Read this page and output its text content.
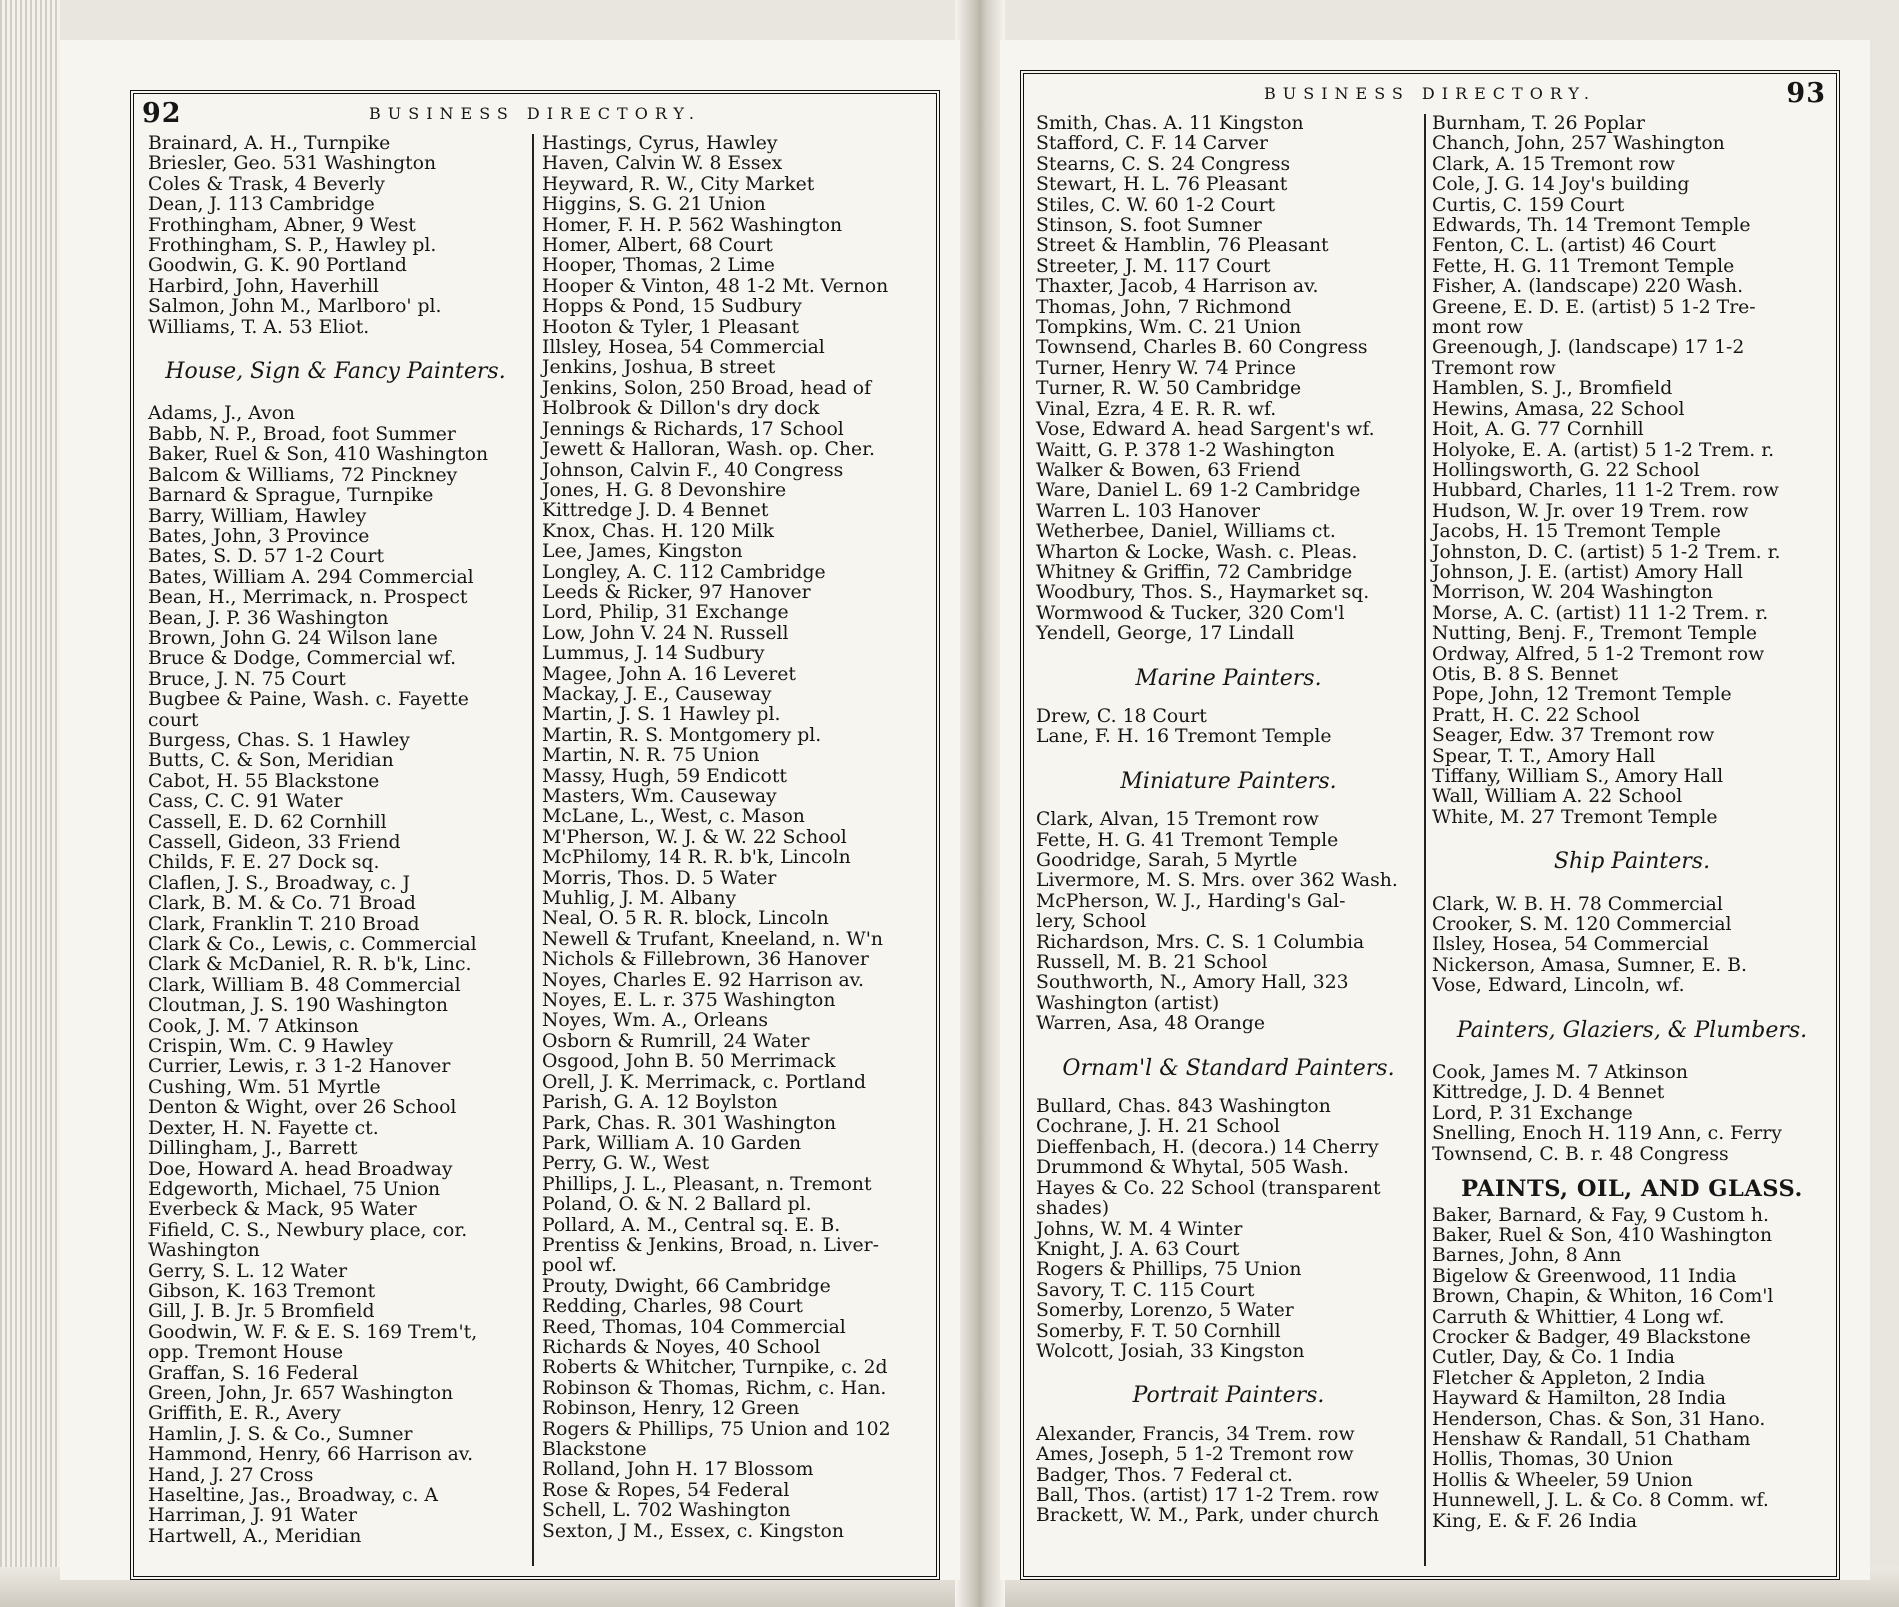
92	BUSINESS DIRECTORY.
Brainard, A. H., Turnpike
Briesler, Geo. 531 Washington
Coles & Trask, 4 Beverly
Dean, J. 113 Cambridge
Frothingham, Abner, 9 West
Frothingham, S. P., Hawley pl.
Goodwin, G. K. 90 Portland
Harbird, John, Haverhill
Salmon, John M., Marlboro' pl.
Williams, T. A. 53 Eliot.
House, Sign & Fancy Painters.
Adams, J., Avon
Babb, N. P., Broad, foot Summer
Baker, Ruel & Son, 410 Washington
Balcom & Williams, 72 Pinckney
Barnard & Sprague, Turnpike
Barry, William, Hawley
Bates, John, 3 Province
Bates, S. D. 57 1-2 Court
Bates, William A. 294 Commercial
Bean, H., Merrimack, n. Prospect
Bean, J. P. 36 Washington
Brown, John G. 24 Wilson lane
Bruce & Dodge, Commercial wf.
Bruce, J. N. 75 Court
Bugbee & Paine, Wash. c. Fayette
court
Burgess, Chas. S. 1 Hawley
Butts, C. & Son, Meridian
Cabot, H. 55 Blackstone
Cass, C. C. 91 Water
Cassell, E. D. 62 Cornhill
Cassell, Gideon, 33 Friend
Childs, F. E. 27 Dock sq.
Claflen, J. S., Broadway, c. J
Clark, B. M. & Co. 71 Broad
Clark, Franklin T. 210 Broad
Clark & Co., Lewis, c. Commercial
Clark & McDaniel, R. R. b'k, Linc.
Clark, William B. 48 Commercial
Cloutman, J. S. 190 Washington
Cook, J. M. 7 Atkinson
Crispin, Wm. C. 9 Hawley
Currier, Lewis, r. 3 1-2 Hanover
Cushing, Wm. 51 Myrtle
Denton & Wight, over 26 School
Dexter, H. N. Fayette ct.
Dillingham, J., Barrett
Doe, Howard A. head Broadway
Edgeworth, Michael, 75 Union
Everbeck & Mack, 95 Water
Fifield, C. S., Newbury place, cor.
Washington
Gerry, S. L. 12 Water
Gibson, K. 163 Tremont
Gill, J. B. Jr. 5 Bromfield
Goodwin, W. F. & E. S. 169 Trem't,
opp. Tremont House
Graffan, S. 16 Federal
Green, John, Jr. 657 Washington
Griffith, E. R., Avery
Hamlin, J. S. & Co., Sumner
Hammond, Henry, 66 Harrison av.
Hand, J. 27 Cross
Haseltine, Jas., Broadway, c. A
Harriman, J. 91 Water
Hartwell, A., Meridian
Hastings, Cyrus, Hawley
Haven, Calvin W. 8 Essex
Heyward, R. W., City Market
Higgins, S. G. 21 Union
Homer, F. H. P. 562 Washington
Homer, Albert, 68 Court
Hooper, Thomas, 2 Lime
Hooper & Vinton, 48 1-2 Mt. Vernon
Hopps & Pond, 15 Sudbury
Hooton & Tyler, 1 Pleasant
Illsley, Hosea, 54 Commercial
Jenkins, Joshua, B street
Jenkins, Solon, 250 Broad, head of
Holbrook & Dillon's dry dock
Jennings & Richards, 17 School
Jewett & Halloran, Wash. op. Cher.
Johnson, Calvin F., 40 Congress
Jones, H. G. 8 Devonshire
Kittredge J. D. 4 Bennet
Knox, Chas. H. 120 Milk
Lee, James, Kingston
Longley, A. C. 112 Cambridge
Leeds & Ricker, 97 Hanover
Lord, Philip, 31 Exchange
Low, John V. 24 N. Russell
Lummus, J. 14 Sudbury
Magee, John A. 16 Leveret
Mackay, J. E., Causeway
Martin, J. S. 1 Hawley pl.
Martin, R. S. Montgomery pl.
Martin, N. R. 75 Union
Massy, Hugh, 59 Endicott
Masters, Wm. Causeway
McLane, L., West, c. Mason
M'Pherson, W. J. & W. 22 School
McPhilomy, 14 R. R. b'k, Lincoln
Morris, Thos. D. 5 Water
Muhlig, J. M. Albany
Neal, O. 5 R. R. block, Lincoln
Newell & Trufant, Kneeland, n. W'n
Nichols & Fillebrown, 36 Hanover
Noyes, Charles E. 92 Harrison av.
Noyes, E. L. r. 375 Washington
Noyes, Wm. A., Orleans
Osborn & Rumrill, 24 Water
Osgood, John B. 50 Merrimack
Orell, J. K. Merrimack, c. Portland
Parish, G. A. 12 Boylston
Park, Chas. R. 301 Washington
Park, William A. 10 Garden
Perry, G. W., West
Phillips, J. L., Pleasant, n. Tremont
Poland, O. & N. 2 Ballard pl.
Pollard, A. M., Central sq. E. B.
Prentiss & Jenkins, Broad, n. Liver-
pool wf.
Prouty, Dwight, 66 Cambridge
Redding, Charles, 98 Court
Reed, Thomas, 104 Commercial
Richards & Noyes, 40 School
Roberts & Whitcher, Turnpike, c. 2d
Robinson & Thomas, Richm, c. Han.
Robinson, Henry, 12 Green
Rogers & Phillips, 75 Union and 102
Blackstone
Rolland, John H. 17 Blossom
Rose & Ropes, 54 Federal
Schell, L. 702 Washington
Sexton, J M., Essex, c. Kingston
BUSINESS DIRECTORY.	93
Smith, Chas. A. 11 Kingston
Stafford, C. F. 14 Carver
Stearns, C. S. 24 Congress
Stewart, H. L. 76 Pleasant
Stiles, C. W. 60 1-2 Court
Stinson, S. foot Sumner
Street & Hamblin, 76 Pleasant
Streeter, J. M. 117 Court
Thaxter, Jacob, 4 Harrison av.
Thomas, John, 7 Richmond
Tompkins, Wm. C. 21 Union
Townsend, Charles B. 60 Congress
Turner, Henry W. 74 Prince
Turner, R. W. 50 Cambridge
Vinal, Ezra, 4 E. R. R. wf.
Vose, Edward A. head Sargent's wf.
Waitt, G. P. 378 1-2 Washington
Walker & Bowen, 63 Friend
Ware, Daniel L. 69 1-2 Cambridge
Warren L. 103 Hanover
Wetherbee, Daniel, Williams ct.
Wharton & Locke, Wash. c. Pleas.
Whitney & Griffin, 72 Cambridge
Woodbury, Thos. S., Haymarket sq.
Wormwood & Tucker, 320 Com'l
Yendell, George, 17 Lindall
Marine Painters.
Drew, C. 18 Court
Lane, F. H. 16 Tremont Temple
Miniature Painters.
Clark, Alvan, 15 Tremont row
Fette, H. G. 41 Tremont Temple
Goodridge, Sarah, 5 Myrtle
Livermore, M. S. Mrs. over 362 Wash.
McPherson, W. J., Harding's Gal-
lery, School
Richardson, Mrs. C. S. 1 Columbia
Russell, M. B. 21 School
Southworth, N., Amory Hall, 323
Washington (artist)
Warren, Asa, 48 Orange
Ornam'l & Standard Painters.
Bullard, Chas. 843 Washington
Cochrane, J. H. 21 School
Dieffenbach, H. (decora.) 14 Cherry
Drummond & Whytal, 505 Wash.
Hayes & Co. 22 School (transparent
shades)
Johns, W. M. 4 Winter
Knight, J. A. 63 Court
Rogers & Phillips, 75 Union
Savory, T. C. 115 Court
Somerby, Lorenzo, 5 Water
Somerby, F. T. 50 Cornhill
Wolcott, Josiah, 33 Kingston
Portrait Painters.
Alexander, Francis, 34 Trem. row
Ames, Joseph, 5 1-2 Tremont row
Badger, Thos. 7 Federal ct.
Ball, Thos. (artist) 17 1-2 Trem. row
Brackett, W. M., Park, under church
Burnham, T. 26 Poplar
Chanch, John, 257 Washington
Clark, A. 15 Tremont row
Cole, J. G. 14 Joy's building
Curtis, C. 159 Court
Edwards, Th. 14 Tremont Temple
Fenton, C. L. (artist) 46 Court
Fette, H. G. 11 Tremont Temple
Fisher, A. (landscape) 220 Wash.
Greene, E. D. E. (artist) 5 1-2 Tre-
mont row
Greenough, J. (landscape) 17 1-2
Tremont row
Hamblen, S. J., Bromfield
Hewins, Amasa, 22 School
Hoit, A. G. 77 Cornhill
Holyoke, E. A. (artist) 5 1-2 Trem. r.
Hollingsworth, G. 22 School
Hubbard, Charles, 11 1-2 Trem. row
Hudson, W. Jr. over 19 Trem. row
Jacobs, H. 15 Tremont Temple
Johnston, D. C. (artist) 5 1-2 Trem. r.
Johnson, J. E. (artist) Amory Hall
Morrison, W. 204 Washington
Morse, A. C. (artist) 11 1-2 Trem. r.
Nutting, Benj. F., Tremont Temple
Ordway, Alfred, 5 1-2 Tremont row
Otis, B. 8 S. Bennet
Pope, John, 12 Tremont Temple
Pratt, H. C. 22 School
Seager, Edw. 37 Tremont row
Spear, T. T., Amory Hall
Tiffany, William S., Amory Hall
Wall, William A. 22 School
White, M. 27 Tremont Temple
Ship Painters.
Clark, W. B. H. 78 Commercial
Crooker, S. M. 120 Commercial
Ilsley, Hosea, 54 Commercial
Nickerson, Amasa, Sumner, E. B.
Vose, Edward, Lincoln, wf.
Painters, Glaziers, & Plumbers.
Cook, James M. 7 Atkinson
Kittredge, J. D. 4 Bennet
Lord, P. 31 Exchange
Snelling, Enoch H. 119 Ann, c. Ferry
Townsend, C. B. r. 48 Congress
PAINTS, OIL, AND GLASS.
Baker, Barnard, & Fay, 9 Custom h.
Baker, Ruel & Son, 410 Washington
Barnes, John, 8 Ann
Bigelow & Greenwood, 11 India
Brown, Chapin, & Whiton, 16 Com'l
Carruth & Whittier, 4 Long wf.
Crocker & Badger, 49 Blackstone
Cutler, Day, & Co. 1 India
Fletcher & Appleton, 2 India
Hayward & Hamilton, 28 India
Henderson, Chas. & Son, 31 Hano.
Henshaw & Randall, 51 Chatham
Hollis, Thomas, 30 Union
Hollis & Wheeler, 59 Union
Hunnewell, J. L. & Co. 8 Comm. wf.
King, E. & F. 26 India
